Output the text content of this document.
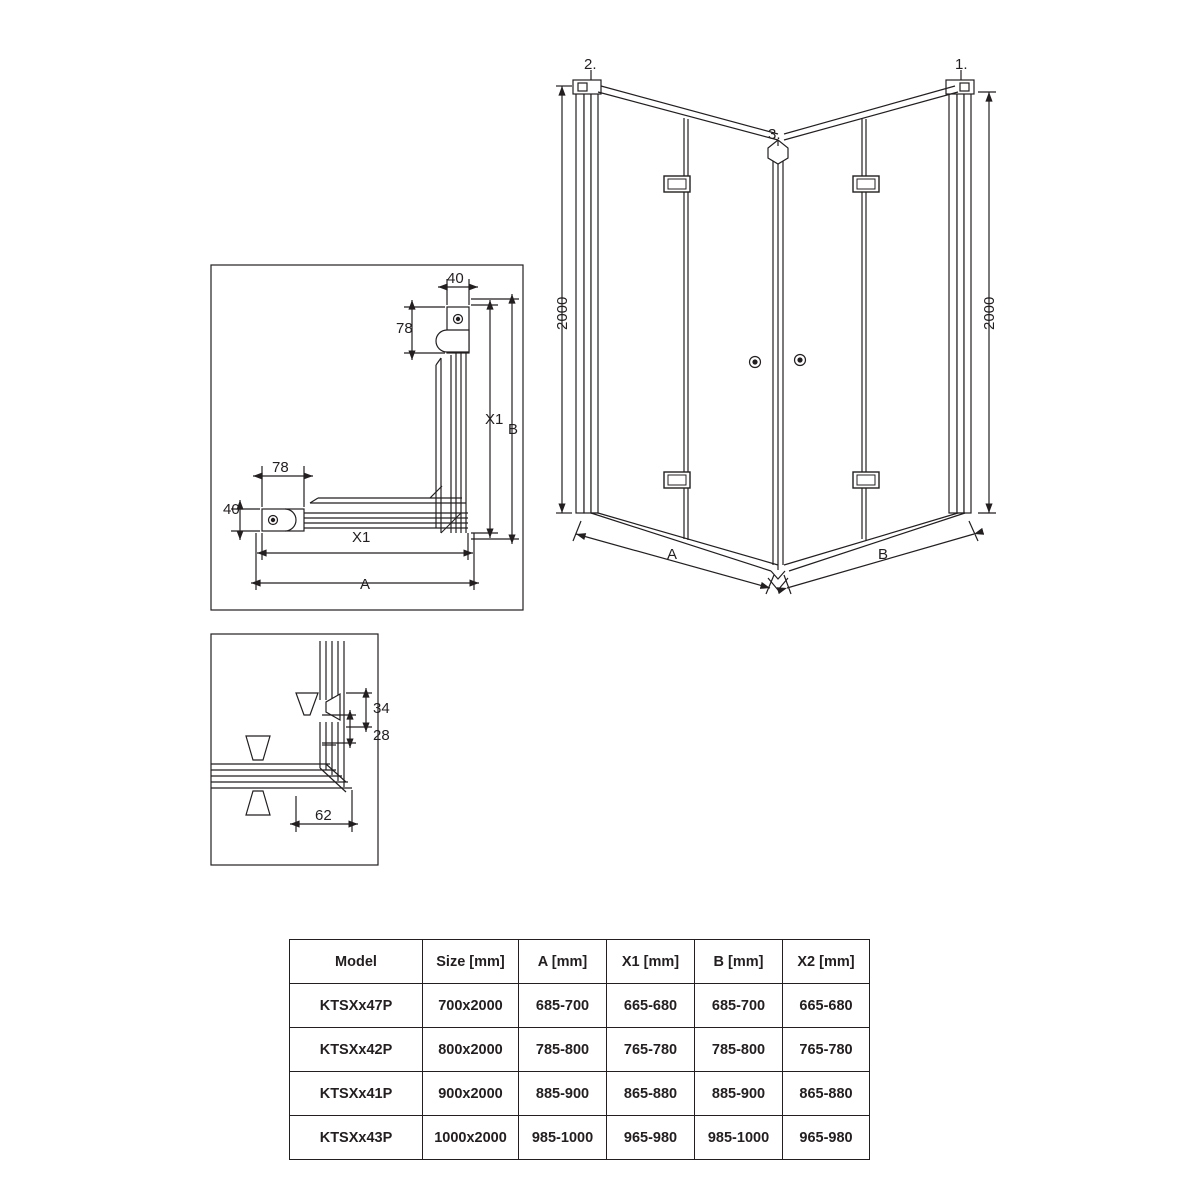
40
78
78
40
X1
B
X1
A
2.	1.
3.
2000	2000
A	B
34
28
62
Model	Size [mm]	A [mm]	X1 [mm]	B [mm]	X2 [mm]
KTSXx47P	700x2000	685-700	665-680	685-700	665-680
KTSXx42P	800x2000	785-800	765-780	785-800	765-780
KTSXx41P	900x2000	885-900	865-880	885-900	865-880
KTSXx43P	1000x2000	985-1000	965-980	985-1000	965-980
